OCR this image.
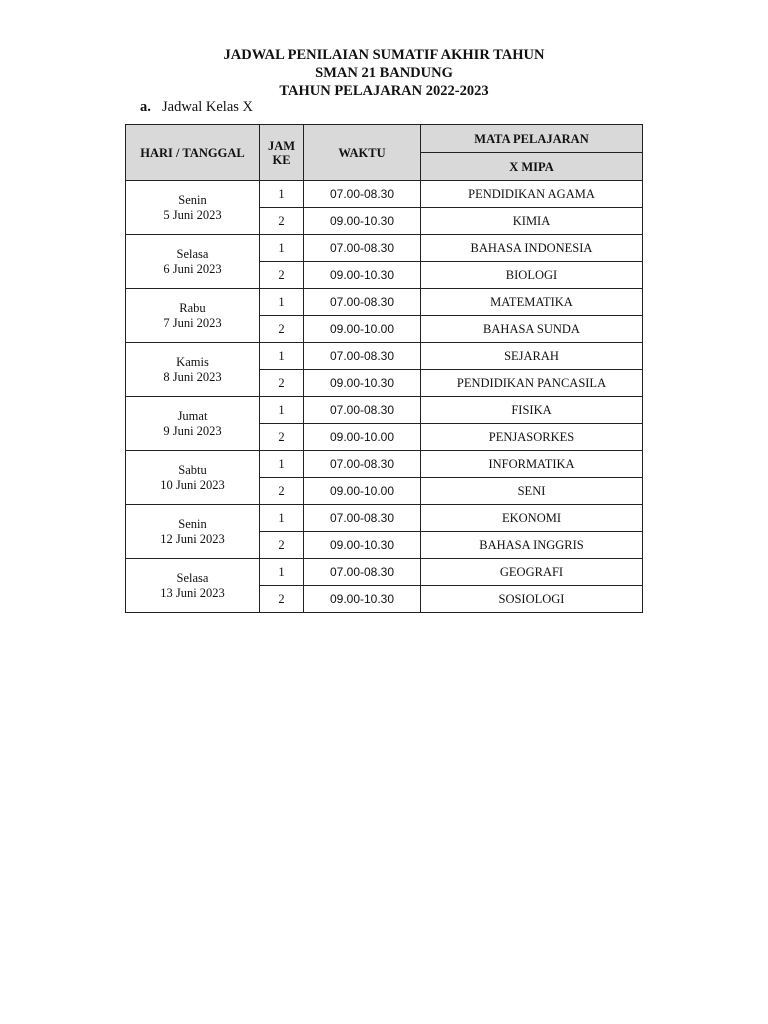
JADWAL PENILAIAN SUMATIF AKHIR TAHUN
SMAN 21 BANDUNG
TAHUN PELAJARAN 2022-2023
a. Jadwal Kelas X
HARI / TANGGAL	JAM KE	WAKTU	MATA PELAJARAN
			X MIPA

Senin
5 Juni 2023	1	07.00-08.30	PENDIDIKAN AGAMA
	2	09.00-10.30	KIMIA

Selasa
6 Juni 2023	1	07.00-08.30	BAHASA INDONESIA
	2	09.00-10.30	BIOLOGI

Rabu
7 Juni 2023	1	07.00-08.30	MATEMATIKA
	2	09.00-10.00	BAHASA SUNDA

Kamis
8 Juni 2023	1	07.00-08.30	SEJARAH
	2	09.00-10.30	PENDIDIKAN PANCASILA

Jumat
9 Juni 2023	1	07.00-08.30	FISIKA
	2	09.00-10.00	PENJASORKES

Sabtu
10 Juni 2023	1	07.00-08.30	INFORMATIKA
	2	09.00-10.00	SENI

Senin
12 Juni 2023	1	07.00-08.30	EKONOMI
	2	09.00-10.30	BAHASA INGGRIS

Selasa
13 Juni 2023	1	07.00-08.30	GEOGRAFI
	2	09.00-10.30	SOSIOLOGI
